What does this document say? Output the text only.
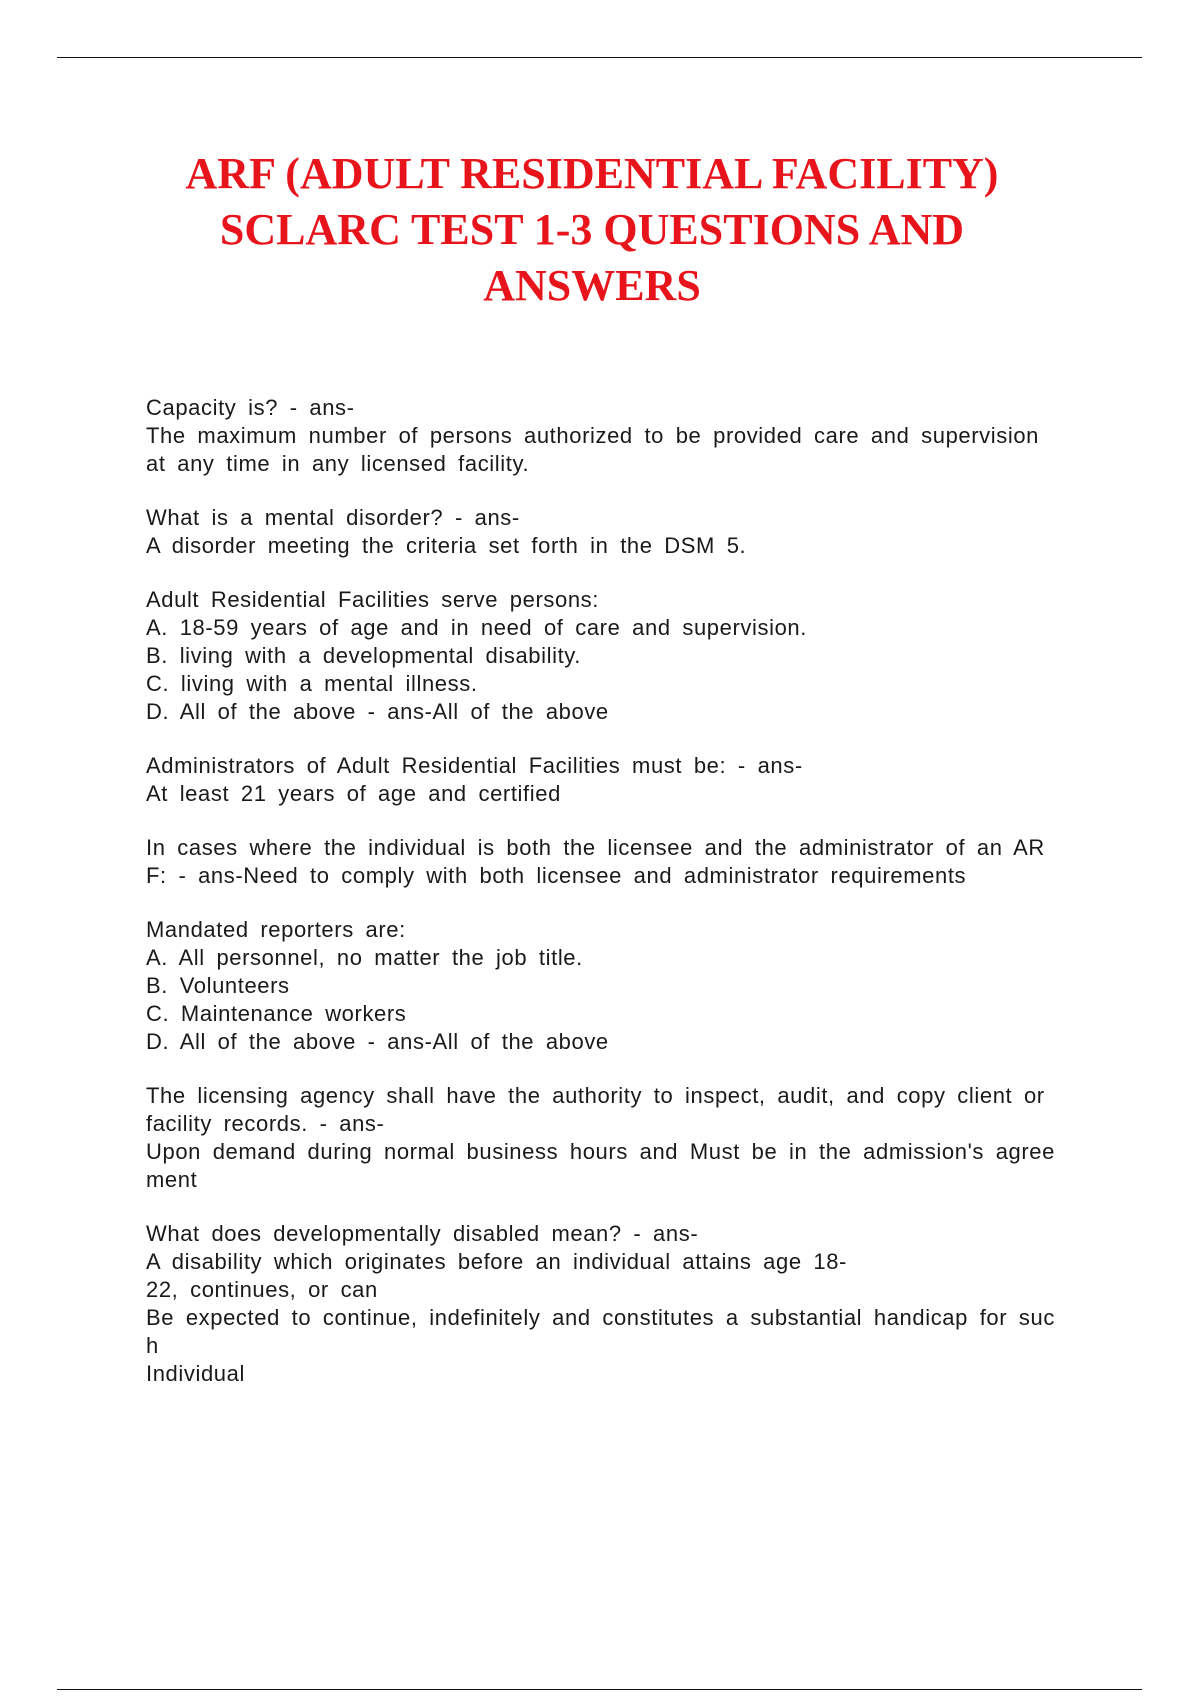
ARF (ADULT RESIDENTIAL FACILITY)
SCLARC TEST 1-3 QUESTIONS AND
ANSWERS
Capacity is? - ans-
The maximum number of persons authorized to be provided care and supervision
at any time in any licensed facility.
What is a mental disorder? - ans-
A disorder meeting the criteria set forth in the DSM 5.
Adult Residential Facilities serve persons:
A. 18-59 years of age and in need of care and supervision.
B. living with a developmental disability.
C. living with a mental illness.
D. All of the above - ans-All of the above
Administrators of Adult Residential Facilities must be: - ans-
At least 21 years of age and certified
In cases where the individual is both the licensee and the administrator of an AR
F: - ans-Need to comply with both licensee and administrator requirements
Mandated reporters are:
A. All personnel, no matter the job title.
B. Volunteers
C. Maintenance workers
D. All of the above - ans-All of the above
The licensing agency shall have the authority to inspect, audit, and copy client or
facility records. - ans-
Upon demand during normal business hours and Must be in the admission's agree
ment
What does developmentally disabled mean? - ans-
A disability which originates before an individual attains age 18-
22, continues, or can
Be expected to continue, indefinitely and constitutes a substantial handicap for suc
h
Individual
